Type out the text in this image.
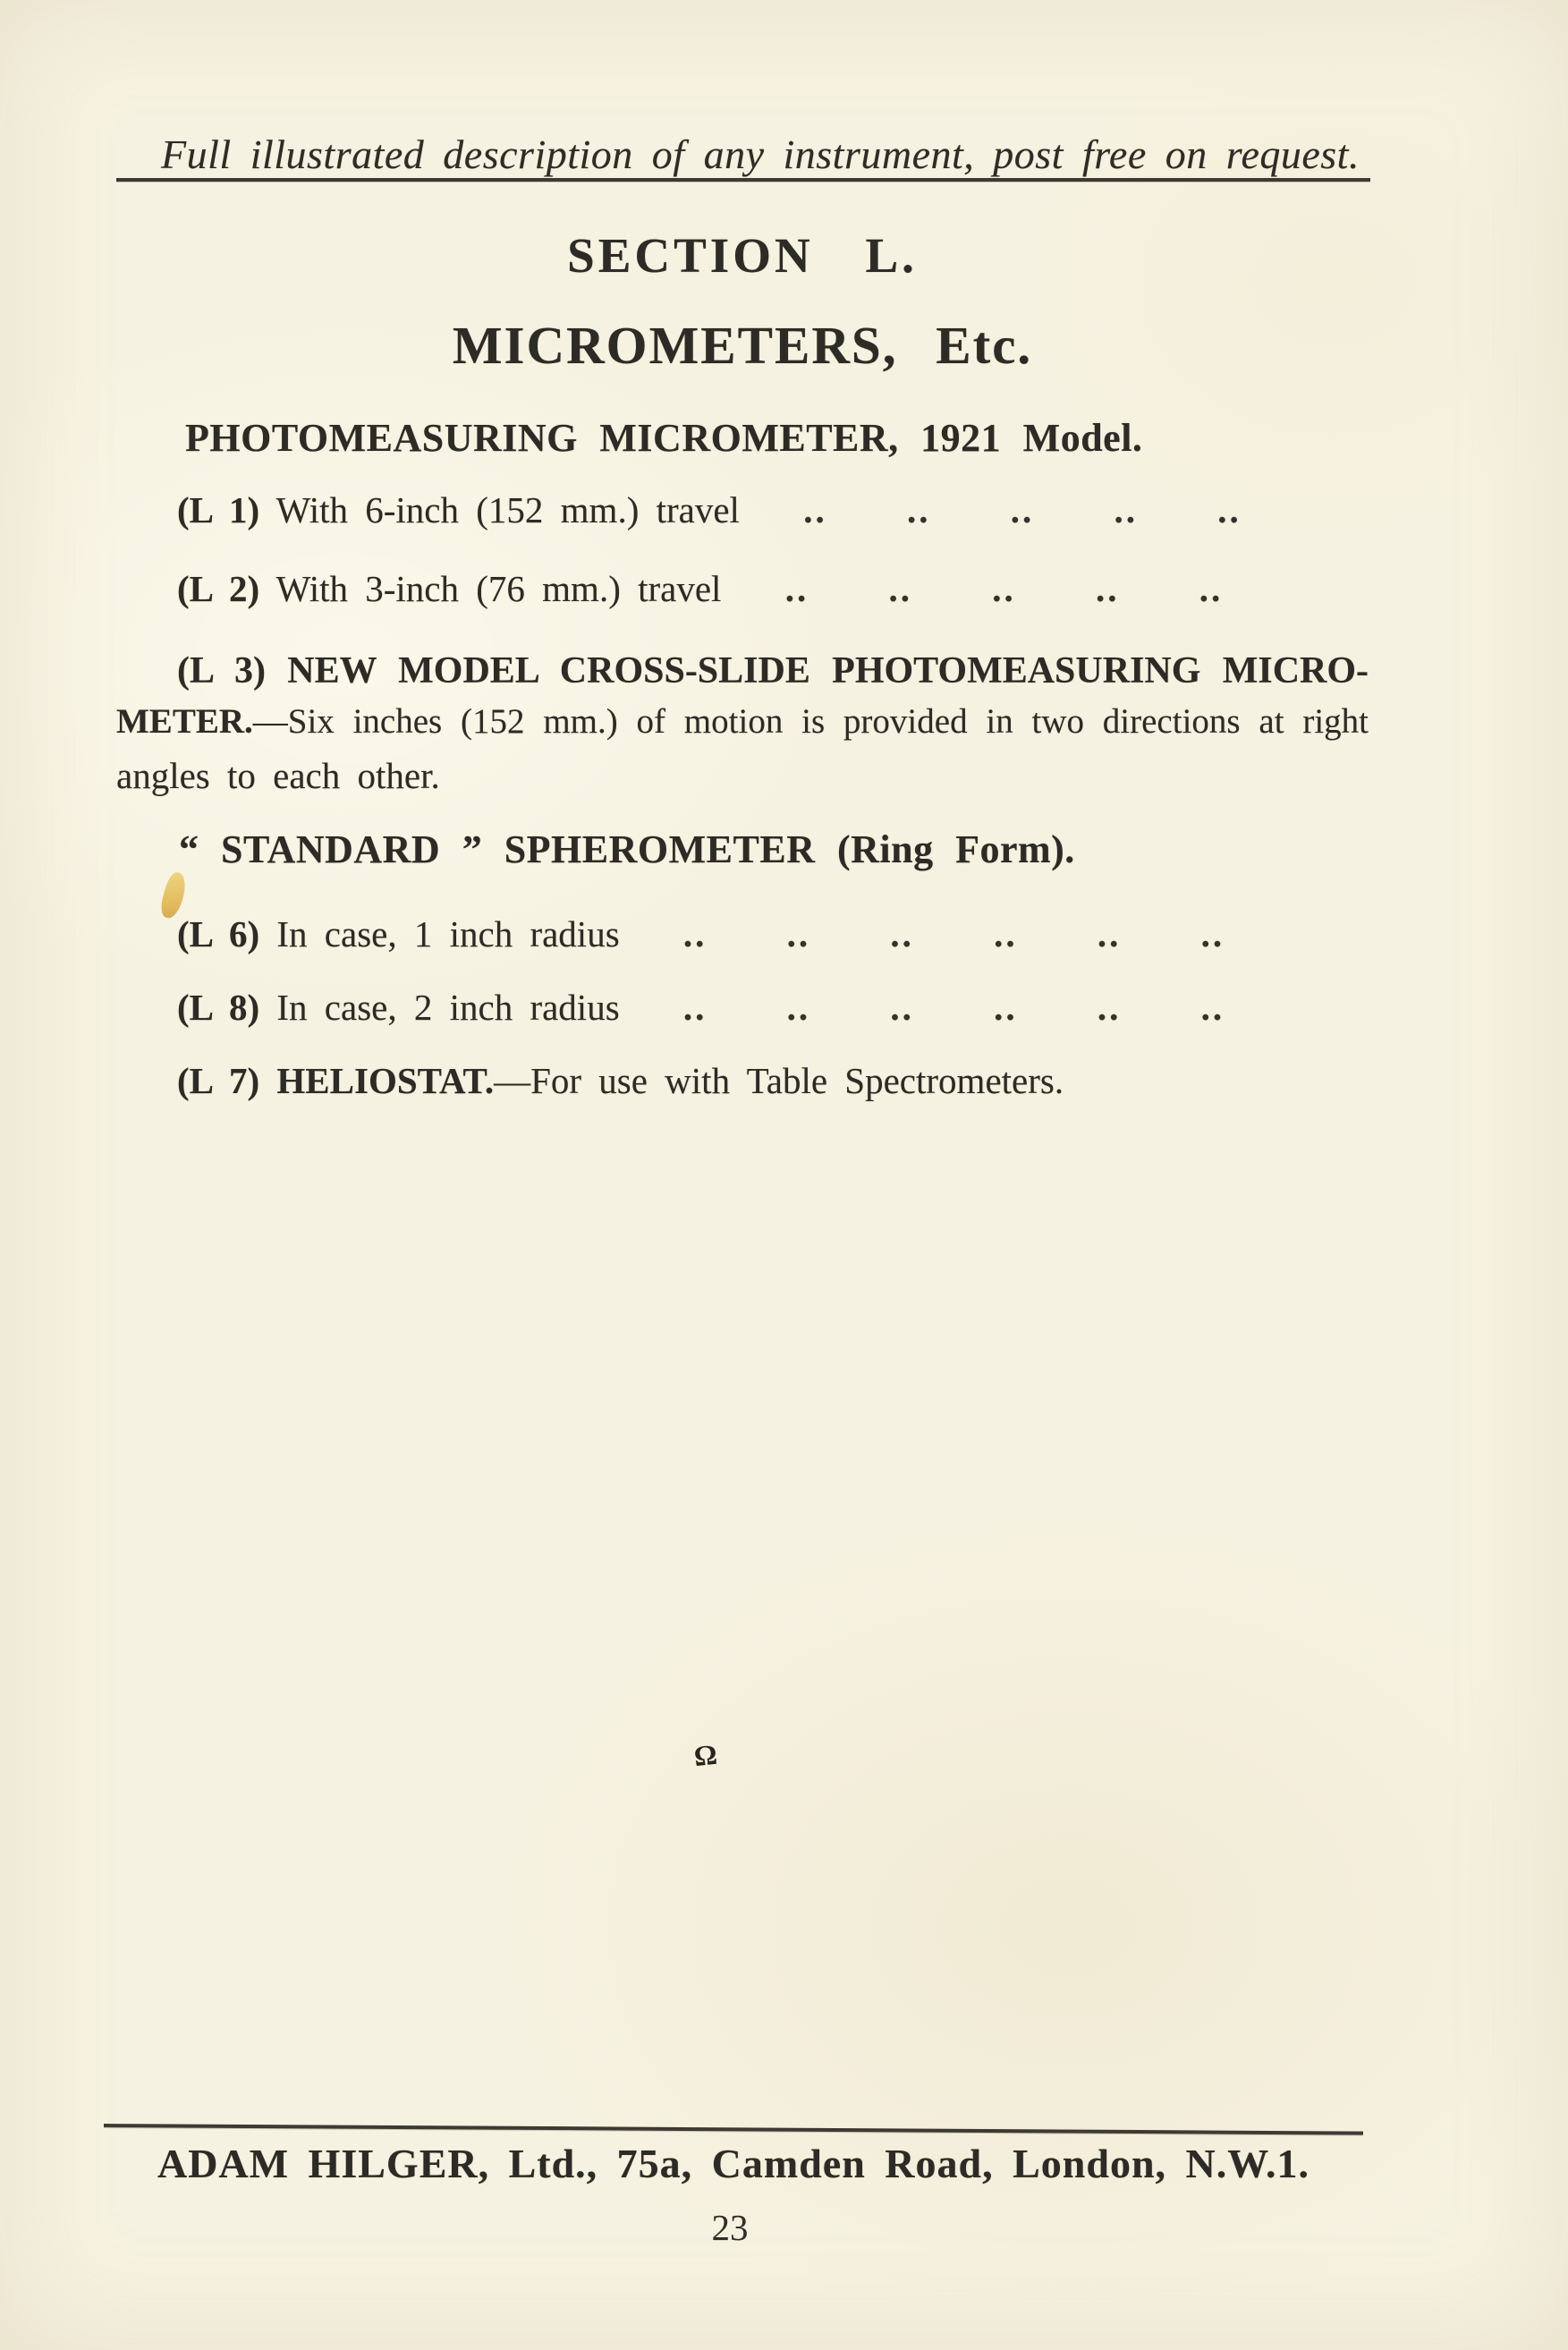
Full illustrated description of any instrument, post free on request.
SECTION L.
MICROMETERS, Etc.
PHOTOMEASURING MICROMETER, 1921 Model.
(L 1) With 6-inch (152 mm.) travel .. .. .. .. ..
(L 2) With 3-inch (76 mm.) travel .. .. .. .. ..
(L 3) NEW MODEL CROSS-SLIDE PHOTOMEASURING MICRO-
METER.—Six inches (152 mm.) of motion is provided in two directions at right
angles to each other.
“ STANDARD ” SPHEROMETER (Ring Form).
(L 6) In case, 1 inch radius .. .. .. .. .. ..
(L 8) In case, 2 inch radius .. .. .. .. .. ..
(L 7) HELIOSTAT.—For use with Table Spectrometers.
Ω
ADAM HILGER, Ltd., 75a, Camden Road, London, N.W.1.
23
